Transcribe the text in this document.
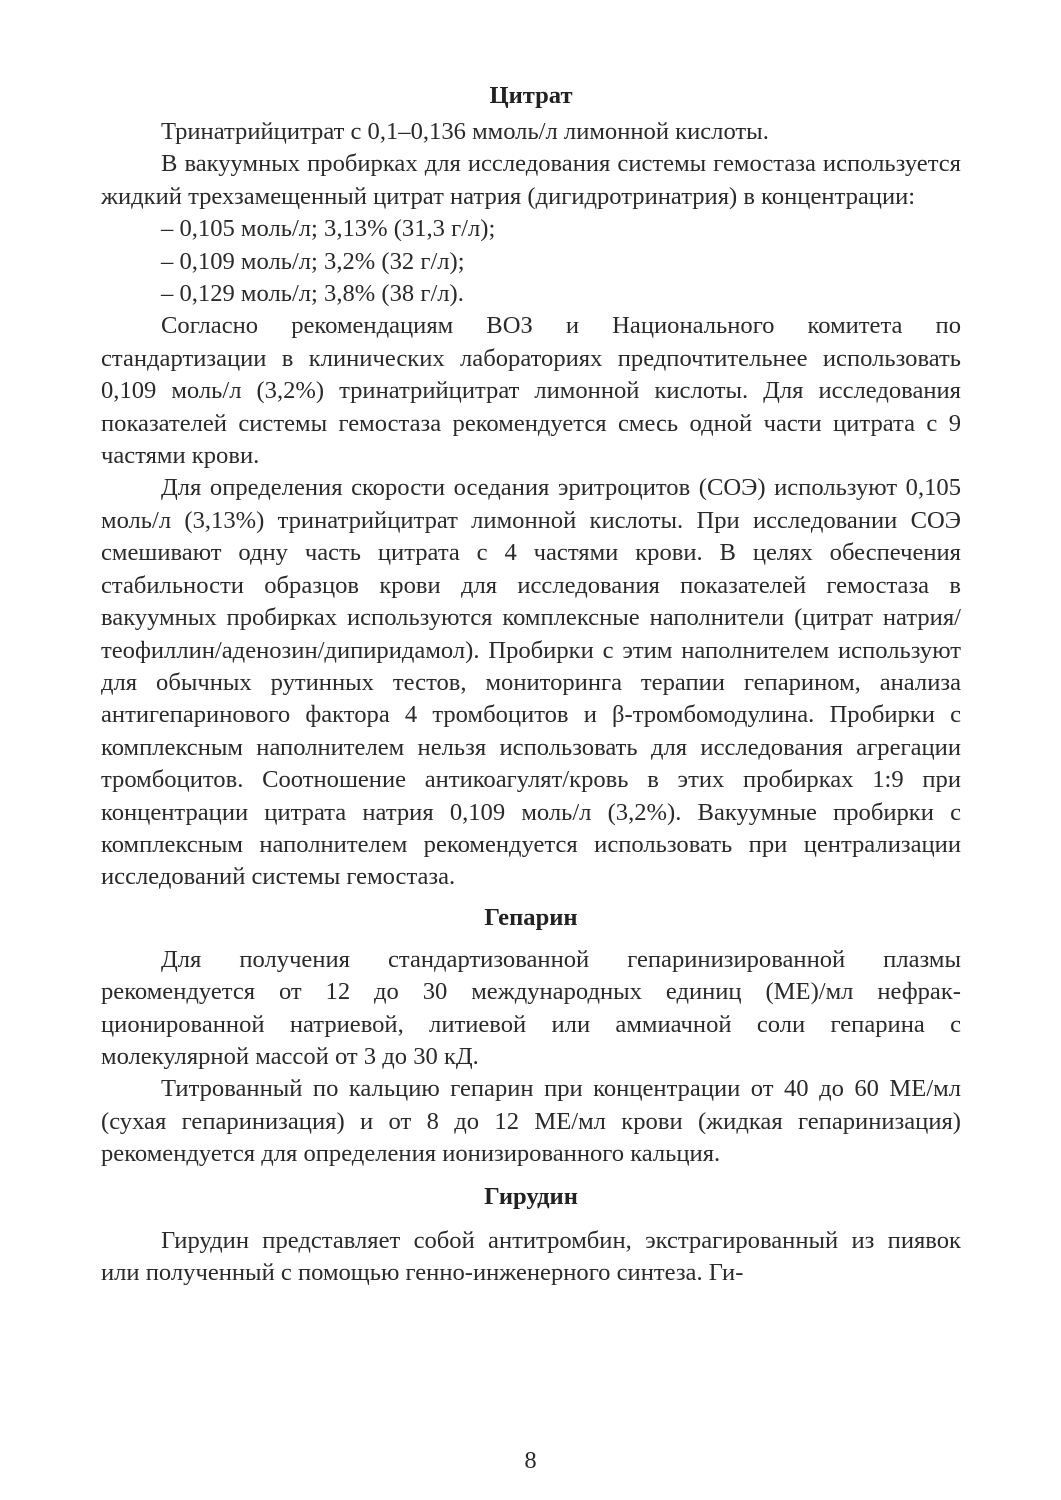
Цитрат

Тринатрийцитрат с 0,1–0,136 ммоль/л лимонной кислоты.

В вакуумных пробирках для исследования системы гемостаза используется жидкий трехзамещенный цитрат натрия (дигидротринатрия) в концентрации:

– 0,105 моль/л; 3,13% (31,3 г/л);

– 0,109 моль/л; 3,2% (32 г/л);

– 0,129 моль/л; 3,8% (38 г/л).

Согласно рекомендациям ВОЗ и Национального комитета по стандартизации в клинических лабораториях предпочтительнее использовать 0,109 моль/л (3,2%) тринатрийцитрат лимонной кислоты. Для исследования показателей системы гемостаза рекомендуется смесь одной части цитрата с 9 частями крови.

Для определения скорости оседания эритроцитов (СОЭ) используют 0,105 моль/л (3,13%) тринатрийцитрат лимонной кислоты. При исследовании СОЭ смешивают одну часть цитрата с 4 частями крови. В целях обеспечения стабильности образцов крови для исследования показателей гемостаза в вакуумных пробирках используются комплексные наполнители (цитрат натрия/теофиллин/аденозин/дипиридамол). Пробирки с этим наполнителем используют для обычных рутинных тестов, мониторинга терапии гепарином, анализа антигепаринового фактора 4 тромбоцитов и β-тромбомодулина. Пробирки с комплексным наполнителем нельзя использовать для исследования агрегации тромбоцитов. Соотношение антикоагулят/кровь в этих пробирках 1:9 при концентрации цитрата натрия 0,109 моль/л (3,2%). Вакуумные пробирки с комплексным наполнителем рекомендуется использовать при централизации исследований системы гемостаза.

Гепарин

Для получения стандартизованной гепаринизированной плазмы рекомендуется от 12 до 30 международных единиц (МЕ)/мл нефракционированной натриевой, литиевой или аммиачной соли гепарина с молекулярной массой от 3 до 30 кД.

Титрованный по кальцию гепарин при концентрации от 40 до 60 МЕ/мл (сухая гепаринизация) и от 8 до 12 МЕ/мл крови (жидкая гепаринизация) рекомендуется для определения ионизированного кальция.

Гирудин

Гирудин представляет собой антитромбин, экстрагированный из пиявок или полученный с помощью генно-инженерного синтеза. Ги-

8
